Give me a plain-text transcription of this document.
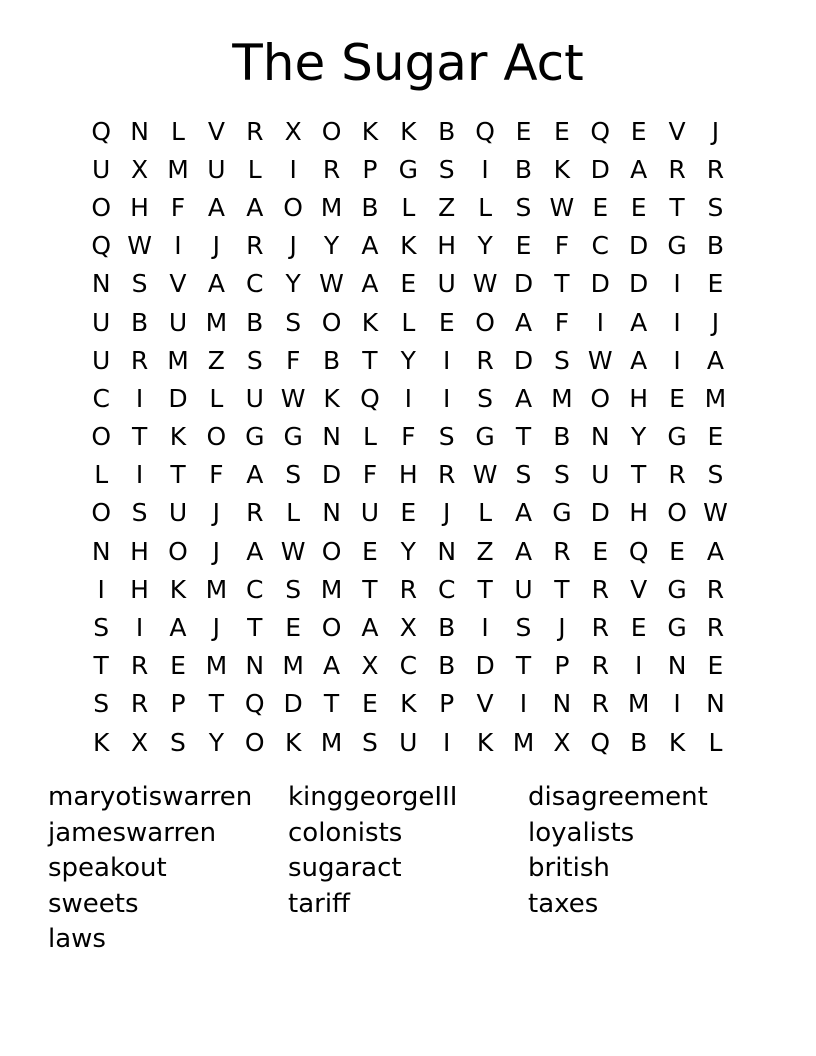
The Sugar Act
Q N L V R X O K K B Q E E Q E V	J
U X M U L	I	R P G S	I	B K D A R R
O H F A A O M B L Z L S W E E T S
Q W I	J	R	J	Y A K H Y E F C D G B
N S V A C Y W A E U W D T D D	I	E
U B U M B S O K L E O A F	I	A	I	J
U R M Z S F B T Y	I	R D S W A	I	A
C	I	D L U W K Q I	I	S A M O H E M
O T K O G G N L F S G T B N Y G E
L	I	T F A S D F H R W S S U T R S
O S U	J	R L N U E	J	L A G D H O W
N H O J	A W O E Y N Z A R E Q E A
I	H K M C S M T R C T U T R V G R
S	I	A	J	T E O A X B	I	S	J	R E G R
T R E M N M A X C B D T P R	I	N E
S R P T Q D T E K P V	I	N R M I	N
K X S Y O K M S U	I	K M X Q B K L
maryotiswarren	kinggeorgeIII	disagreement
jameswarren	colonists	loyalists
speakout	sugaract	british
sweets	tariff	taxes
laws
